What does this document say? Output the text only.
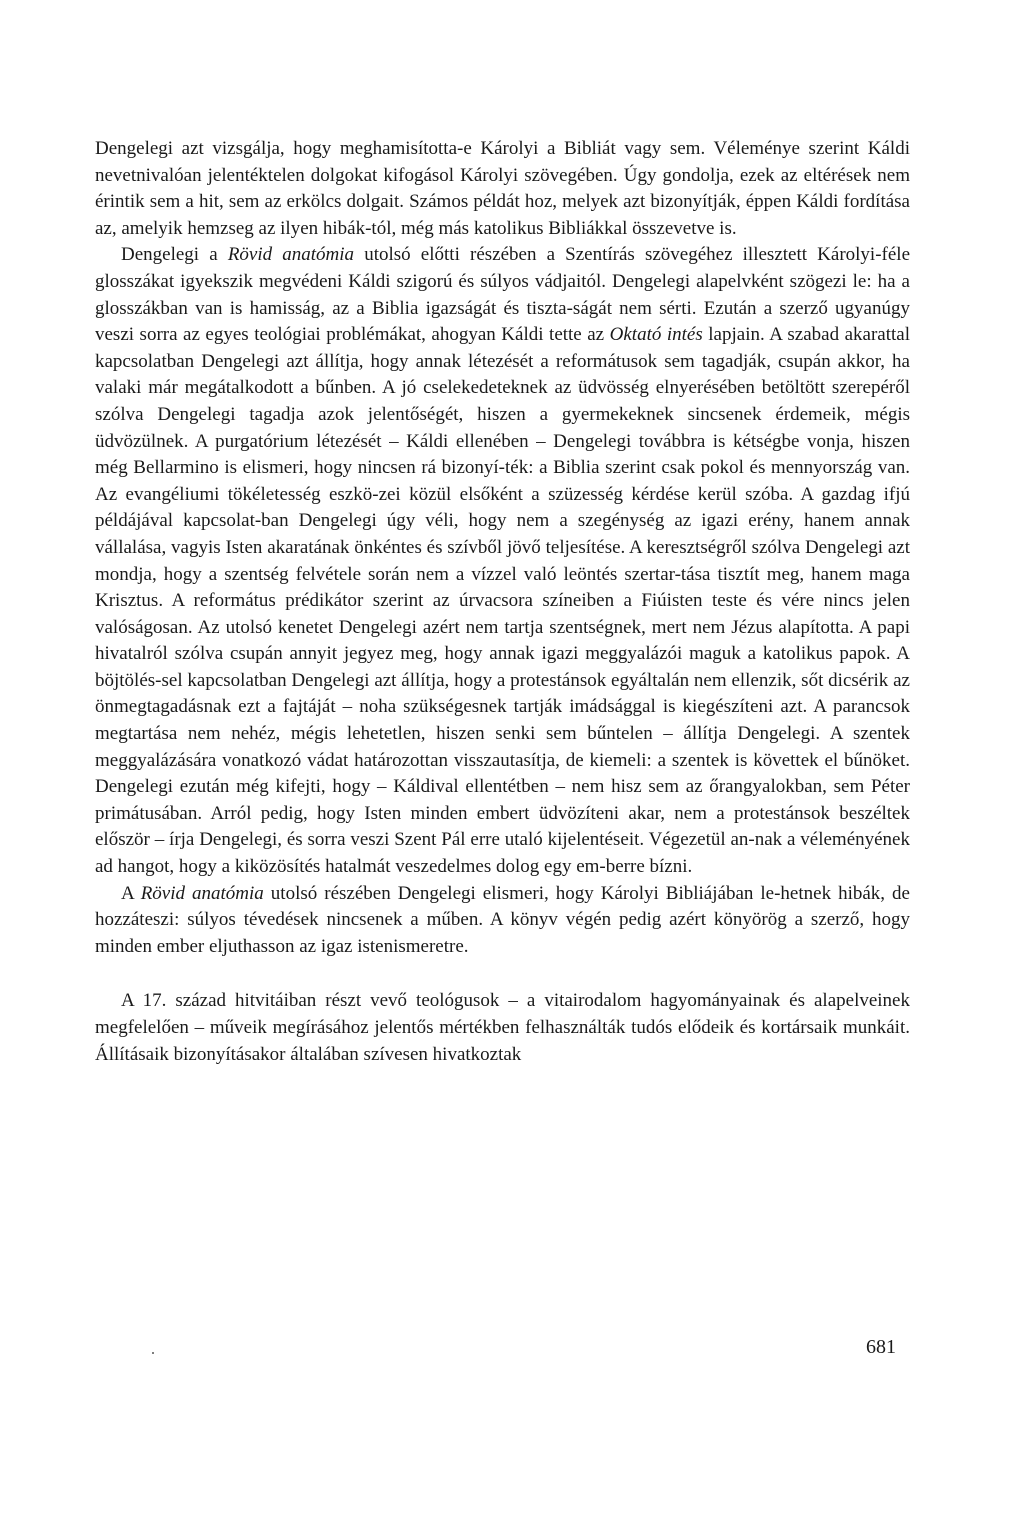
Dengelegi azt vizsgálja, hogy meghamisította-e Károlyi a Bibliát vagy sem. Véleménye szerint Káldi nevetnivalóan jelentéktelen dolgokat kifogásol Károlyi szövegében. Úgy gondolja, ezek az eltérések nem érintik sem a hit, sem az erkölcs dolgait. Számos példát hoz, melyek azt bizonyítják, éppen Káldi fordítása az, amelyik hemzseg az ilyen hibák-tól, még más katolikus Bibliákkal összevetve is.

Dengelegi a Rövid anatómia utolsó előtti részében a Szentírás szövegéhez illesztett Károlyi-féle glosszákat igyekszik megvédeni Káldi szigorú és súlyos vádjaitól. Dengelegi alapelvként szögezi le: ha a glosszákban van is hamisság, az a Biblia igazságát és tiszta-ságát nem sérti. Ezután a szerző ugyanúgy veszi sorra az egyes teológiai problémákat, ahogyan Káldi tette az Oktató intés lapjain. A szabad akarattal kapcsolatban Dengelegi azt állítja, hogy annak létezését a reformátusok sem tagadják, csupán akkor, ha valaki már megátalkodott a bűnben. A jó cselekedeteknek az üdvösség elnyerésében betöltött szerepéről szólva Dengelegi tagadja azok jelentőségét, hiszen a gyermekeknek sincsenek érdemeik, mégis üdvözülnek. A purgatórium létezését – Káldi ellenében – Dengelegi továbbra is kétségbe vonja, hiszen még Bellarmino is elismeri, hogy nincsen rá bizonyí-ték: a Biblia szerint csak pokol és mennyország van. Az evangéliumi tökéletesség eszkö-zei közül elsőként a szüzesség kérdése kerül szóba. A gazdag ifjú példájával kapcsolat-ban Dengelegi úgy véli, hogy nem a szegénység az igazi erény, hanem annak vállalása, vagyis Isten akaratának önkéntes és szívből jövő teljesítése. A keresztségről szólva Dengelegi azt mondja, hogy a szentség felvétele során nem a vízzel való leöntés szertar-tása tisztít meg, hanem maga Krisztus. A református prédikátor szerint az úrvacsora színeiben a Fiúisten teste és vére nincs jelen valóságosan. Az utolsó kenetet Dengelegi azért nem tartja szentségnek, mert nem Jézus alapította. A papi hivatalról szólva csupán annyit jegyez meg, hogy annak igazi meggyalázói maguk a katolikus papok. A böjtölés-sel kapcsolatban Dengelegi azt állítja, hogy a protestánsok egyáltalán nem ellenzik, sőt dicsérik az önmegtagadásnak ezt a fajtáját – noha szükségesnek tartják imádsággal is kiegészíteni azt. A parancsok megtartása nem nehéz, mégis lehetetlen, hiszen senki sem bűntelen – állítja Dengelegi. A szentek meggyalázására vonatkozó vádat határozottan visszautasítja, de kiemeli: a szentek is követtek el bűnöket. Dengelegi ezután még kifejti, hogy – Káldival ellentétben – nem hisz sem az őrangyalokban, sem Péter primátusában. Arról pedig, hogy Isten minden embert üdvözíteni akar, nem a protestánsok beszéltek először – írja Dengelegi, és sorra veszi Szent Pál erre utaló kijelentéseit. Végezetül an-nak a véleményének ad hangot, hogy a kiközösítés hatalmát veszedelmes dolog egy em-berre bízni.

A Rövid anatómia utolsó részében Dengelegi elismeri, hogy Károlyi Bibliájában le-hetnek hibák, de hozzáteszi: súlyos tévedések nincsenek a műben. A könyv végén pedig azért könyörög a szerző, hogy minden ember eljuthasson az igaz istenismeretre.

A 17. század hitvitáiban részt vevő teológusok – a vitairodalom hagyományainak és alapelveinek megfelelően – műveik megírásához jelentős mértékben felhasználták tudós elődeik és kortársaik munkáit. Állításaik bizonyításakor általában szívesen hivatkoztak

681
